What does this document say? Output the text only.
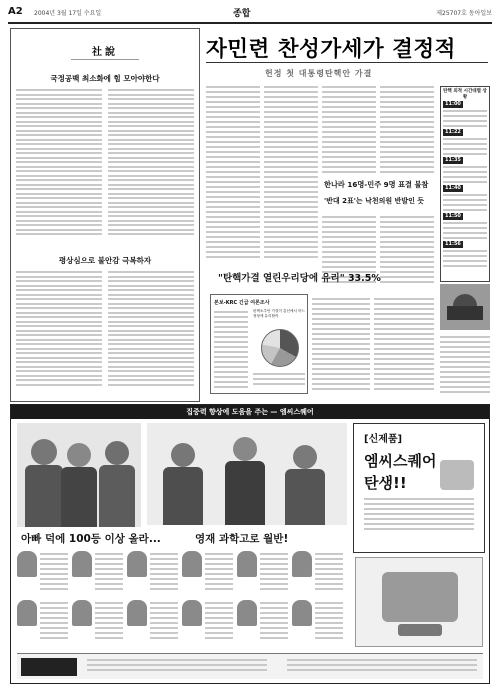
A2 2004년 3월 17일 수요일	종합	제25707호 동아일보
社說
국정공백 최소화에 힘 모아야한다
평상심으로 불안감 극복하자
자민련 찬성가세가 결정적
헌정 첫 대통령탄핵안 가결
한나라 16명-민주 9명 표결 불참
'반대 2표'는 낙천의원 반발인 듯
탄핵 외적 시간대별 상황
11:00
11:22
11:35
11:40
11:50
11:56
"탄핵가결 열린우리당에 유리" 33.5%
본보-KRC 긴급 여론조사
탄핵소추안 가결이 총선에서 어느 정당에 유리할까
집중력 향상에 도움을 주는 — 엠씨스퀘어
[신제품]
엠씨스퀘어
탄생!!
아빠 덕에 100등 이상 올라...	영재 과학고로 월반!
